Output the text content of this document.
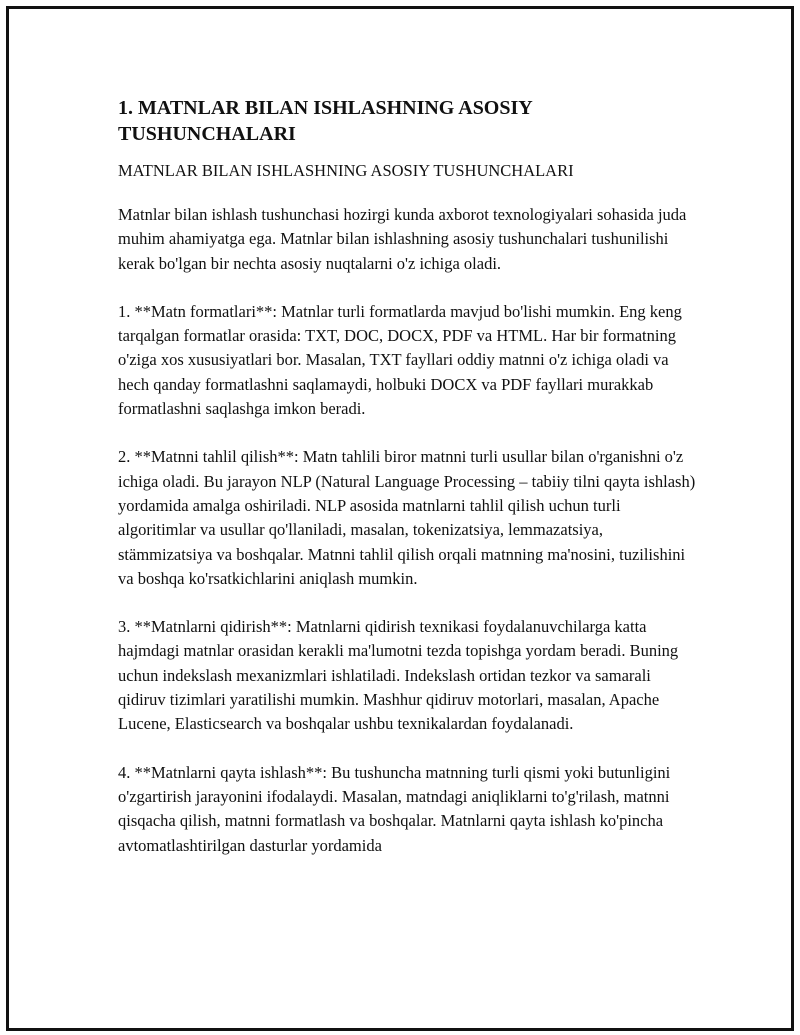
1. MATNLAR BILAN ISHLASHNING ASOSIY TUSHUNCHALARI

MATNLAR BILAN ISHLASHNING ASOSIY TUSHUNCHALARI

Matnlar bilan ishlash tushunchasi hozirgi kunda axborot texnologiyalari sohasida juda muhim ahamiyatga ega. Matnlar bilan ishlashning asosiy tushunchalari tushunilishi kerak bo'lgan bir nechta asosiy nuqtalarni o'z ichiga oladi.

1. **Matn formatlari**: Matnlar turli formatlarda mavjud bo'lishi mumkin. Eng keng tarqalgan formatlar orasida: TXT, DOC, DOCX, PDF va HTML. Har bir formatning o'ziga xos xususiyatlari bor. Masalan, TXT fayllari oddiy matnni o'z ichiga oladi va hech qanday formatlashni saqlamaydi, holbuki DOCX va PDF fayllari murakkab formatlashni saqlashga imkon beradi.

2. **Matnni tahlil qilish**: Matn tahlili biror matnni turli usullar bilan o'rganishni o'z ichiga oladi. Bu jarayon NLP (Natural Language Processing – tabiiy tilni qayta ishlash) yordamida amalga oshiriladi. NLP asosida matnlarni tahlil qilish uchun turli algoritimlar va usullar qo'llaniladi, masalan, tokenizatsiya, lemmazatsiya, stämmizatsiya va boshqalar. Matnni tahlil qilish orqali matnning ma'nosini, tuzilishini va boshqa ko'rsatkichlarini aniqlash mumkin.

3. **Matnlarni qidirish**: Matnlarni qidirish texnikasi foydalanuvchilarga katta hajmdagi matnlar orasidan kerakli ma'lumotni tezda topishga yordam beradi. Buning uchun indekslash mexanizmlari ishlatiladi. Indekslash ortidan tezkor va samarali qidiruv tizimlari yaratilishi mumkin. Mashhur qidiruv motorlari, masalan, Apache Lucene, Elasticsearch va boshqalar ushbu texnikalardan foydalanadi.

4. **Matnlarni qayta ishlash**: Bu tushuncha matnning turli qismi yoki butunligini o'zgartirish jarayonini ifodalaydi. Masalan, matndagi aniqliklarni to'g'rilash, matnni qisqacha qilish, matnni formatlash va boshqalar. Matnlarni qayta ishlash ko'pincha avtomatlashtirilgan dasturlar yordamida
